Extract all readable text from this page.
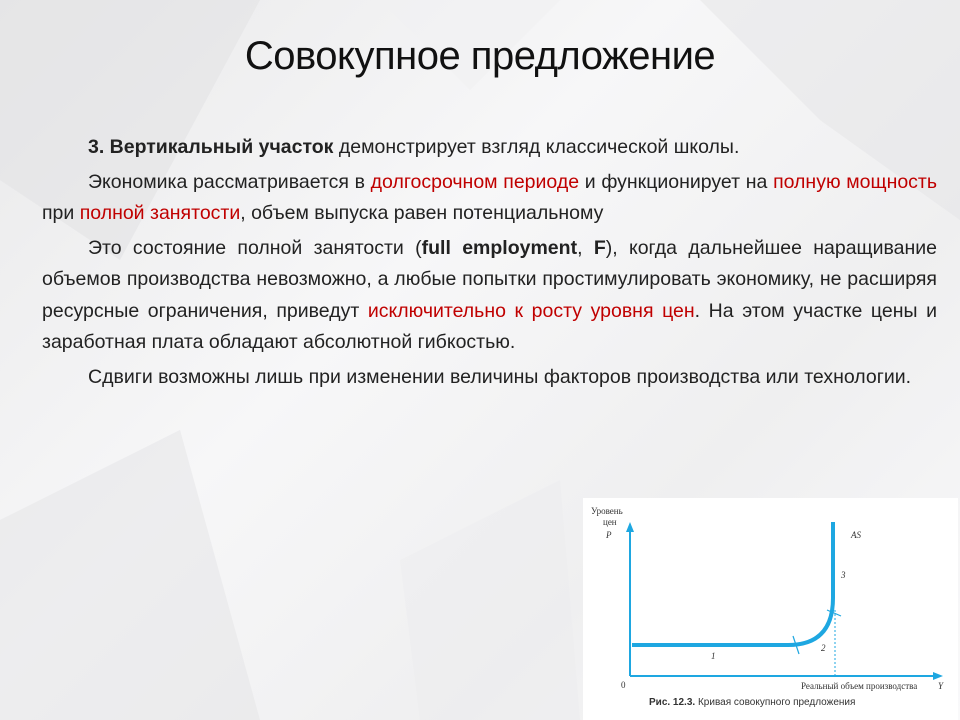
Совокупное предложение

3. Вертикальный участок демонстрирует взгляд классической школы.

Экономика рассматривается в долгосрочном периоде и функционирует на полную мощность при полной занятости, объем выпуска равен потенциальному

Это состояние полной занятости (full employment, F), когда дальнейшее наращивание объемов производства невозможно, а любые попытки простимулировать экономику, не расширяя ресурсные ограничения, приведут исключительно к росту уровня цен. На этом участке цены и заработная плата обладают абсолютной гибкостью.

Сдвиги возможны лишь при изменении величины факторов производства или технологии.

Уровень
цен
P
0	Реальный объем производства Y
AS
1
2
3
Рис. 12.3. Кривая совокупного предложения
